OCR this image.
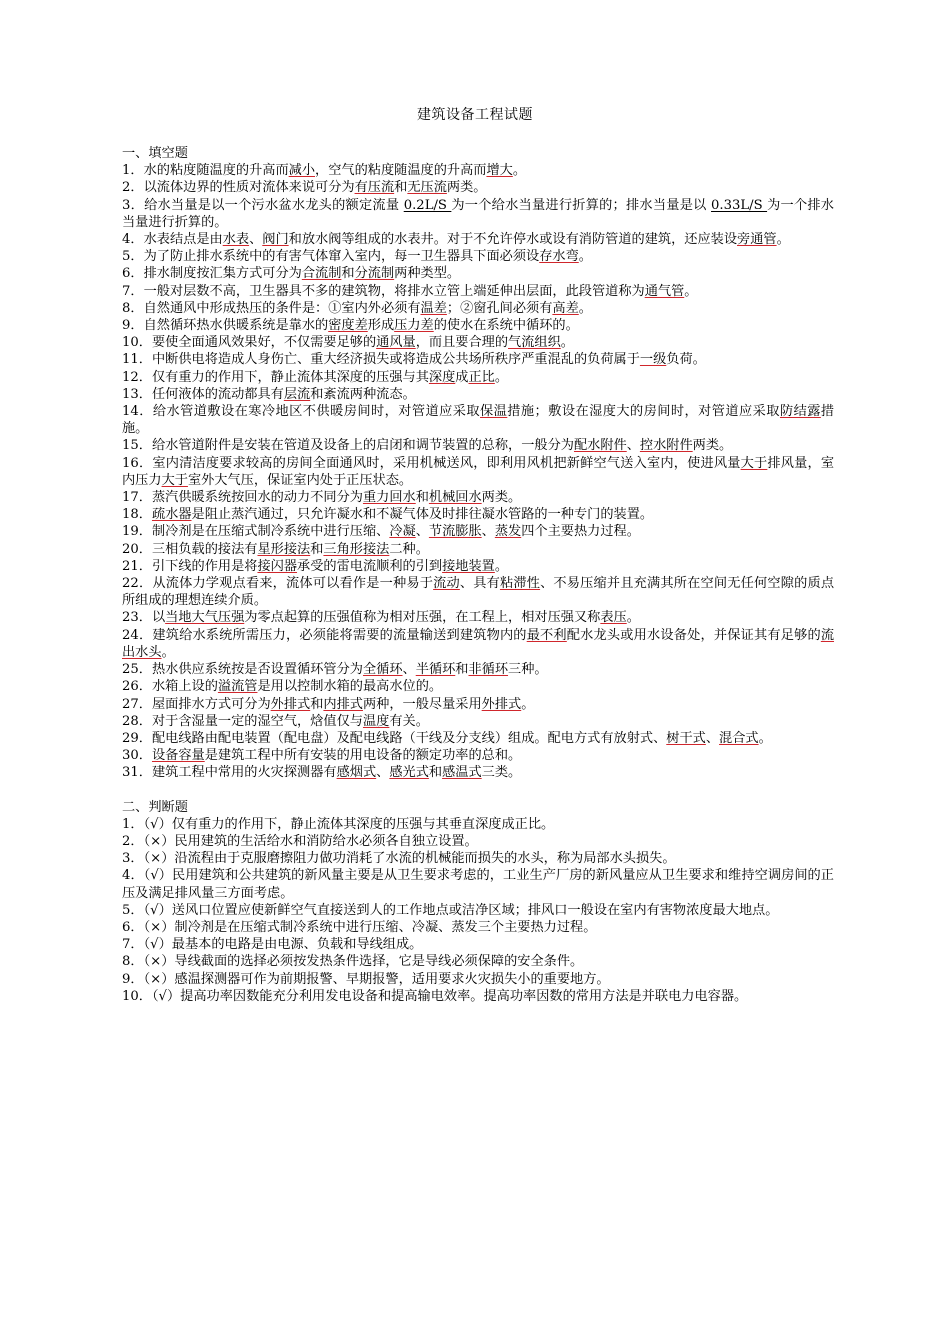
建筑设备工程试题

一、填空题

1．水的粘度随温度的升高而减小，空气的粘度随温度的升高而增大。

2．以流体边界的性质对流体来说可分为有压流和无压流两类。

3．给水当量是以一个污水盆水龙头的额定流量 0.2L/S 为一个给水当量进行折算的；排水当量是以 0.33L/S 为一个排水当量进行折算的。

4．水表结点是由水表、阀门和放水阀等组成的水表井。对于不允许停水或设有消防管道的建筑，还应装设旁通管。

5．为了防止排水系统中的有害气体窜入室内，每一卫生器具下面必须设存水弯。

6．排水制度按汇集方式可分为合流制和分流制两种类型。

7．一般对层数不高，卫生器具不多的建筑物，将排水立管上端延伸出层面，此段管道称为通气管。

8．自然通风中形成热压的条件是：①室内外必须有温差；②窗孔间必须有高差。

9．自然循环热水供暖系统是靠水的密度差形成压力差的使水在系统中循环的。

10．要使全面通风效果好，不仅需要足够的通风量，而且要合理的气流组织。

11．中断供电将造成人身伤亡、重大经济损失或将造成公共场所秩序严重混乱的负荷属于一级负荷。

12．仅有重力的作用下，静止流体其深度的压强与其深度成正比。

13．任何液体的流动都具有层流和紊流两种流态。

14．给水管道敷设在寒冷地区不供暖房间时，对管道应采取保温措施；敷设在湿度大的房间时，对管道应采取防结露措施。

15．给水管道附件是安装在管道及设备上的启闭和调节装置的总称，一般分为配水附件、控水附件两类。

16．室内清洁度要求较高的房间全面通风时，采用机械送风，即利用风机把新鲜空气送入室内，使进风量大于排风量，室内压力大于室外大气压，保证室内处于正压状态。

17．蒸汽供暖系统按回水的动力不同分为重力回水和机械回水两类。

18．疏水器是阻止蒸汽通过，只允许凝水和不凝气体及时排往凝水管路的一种专门的装置。

19．制冷剂是在压缩式制冷系统中进行压缩、冷凝、节流膨胀、蒸发四个主要热力过程。

20．三相负载的接法有星形接法和三角形接法二种。

21．引下线的作用是将接闪器承受的雷电流顺利的引到接地装置。

22．从流体力学观点看来，流体可以看作是一种易于流动、具有粘滞性、不易压缩并且充满其所在空间无任何空隙的质点所组成的理想连续介质。

23．以当地大气压强为零点起算的压强值称为相对压强，在工程上，相对压强又称表压。

24．建筑给水系统所需压力，必须能将需要的流量输送到建筑物内的最不利配水龙头或用水设备处，并保证其有足够的流出水头。

25．热水供应系统按是否设置循环管分为全循环、半循环和非循环三种。

26．水箱上设的溢流管是用以控制水箱的最高水位的。

27．屋面排水方式可分为外排式和内排式两种，一般尽量采用外排式。

28．对于含湿量一定的湿空气，焓值仅与温度有关。

29．配电线路由配电装置（配电盘）及配电线路（干线及分支线）组成。配电方式有放射式、树干式、混合式。

30．设备容量是建筑工程中所有安装的用电设备的额定功率的总和。

31．建筑工程中常用的火灾探测器有感烟式、感光式和感温式三类。

二、判断题

1．（√）仅有重力的作用下，静止流体其深度的压强与其垂直深度成正比。

2．（×）民用建筑的生活给水和消防给水必须各自独立设置。

3．（×）沿流程由于克服磨擦阻力做功消耗了水流的机械能而损失的水头，称为局部水头损失。

4．（√）民用建筑和公共建筑的新风量主要是从卫生要求考虑的，工业生产厂房的新风量应从卫生要求和维持空调房间的正压及满足排风量三方面考虑。

5．（√）送风口位置应使新鲜空气直接送到人的工作地点或洁净区域；排风口一般设在室内有害物浓度最大地点。

6．（×）制冷剂是在压缩式制冷系统中进行压缩、冷凝、蒸发三个主要热力过程。

7．（√）最基本的电路是由电源、负载和导线组成。

8．（×）导线截面的选择必须按发热条件选择，它是导线必须保障的安全条件。

9．（×）感温探测器可作为前期报警、早期报警，适用要求火灾损失小的重要地方。

10．（√）提高功率因数能充分利用发电设备和提高输电效率。提高功率因数的常用方法是并联电力电容器。
